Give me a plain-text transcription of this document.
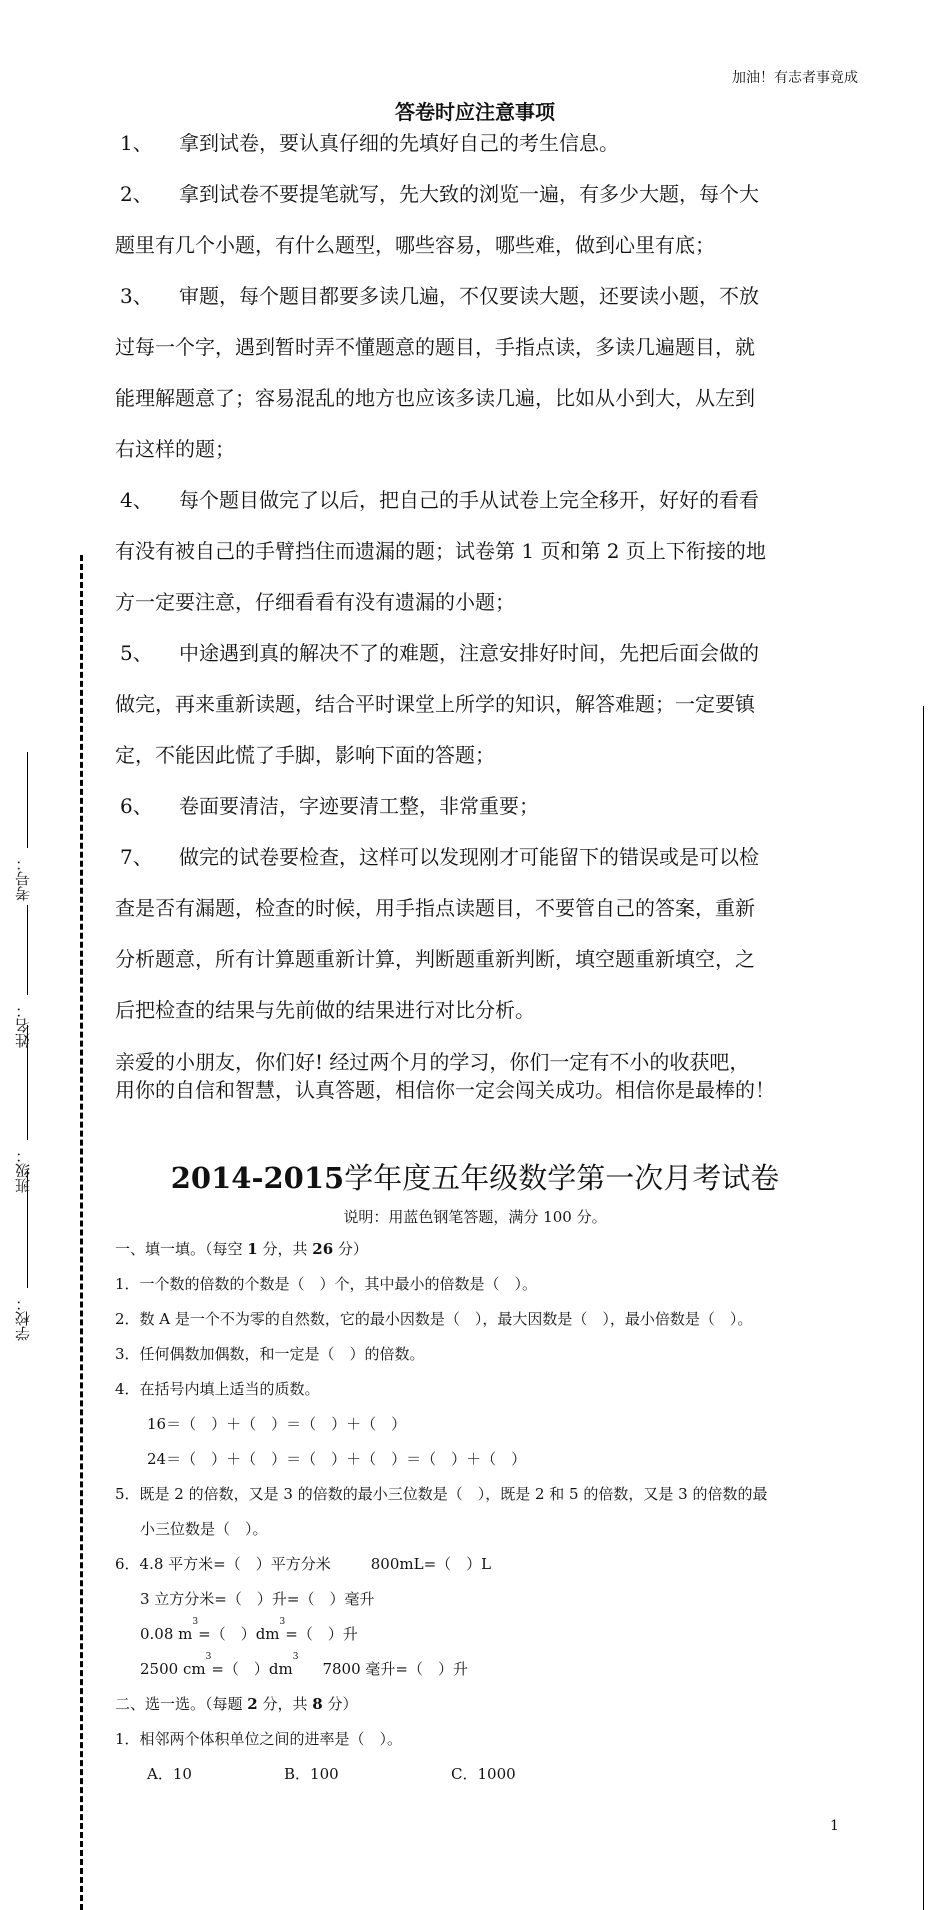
加油！有志者事竟成
答卷时应注意事项

1、 拿到试卷，要认真仔细的先填好自己的考生信息。

2、 拿到试卷不要提笔就写，先大致的浏览一遍，有多少大题，每个大

题里有几个小题，有什么题型，哪些容易，哪些难，做到心里有底；

3、 审题，每个题目都要多读几遍，不仅要读大题，还要读小题，不放

过每一个字，遇到暂时弄不懂题意的题目，手指点读，多读几遍题目，就

能理解题意了；容易混乱的地方也应该多读几遍，比如从小到大，从左到

右这样的题；

4、 每个题目做完了以后，把自己的手从试卷上完全移开，好好的看看

有没有被自己的手臂挡住而遗漏的题；试卷第 1 页和第 2 页上下衔接的地

方一定要注意，仔细看看有没有遗漏的小题；

5、 中途遇到真的解决不了的难题，注意安排好时间，先把后面会做的

做完，再来重新读题，结合平时课堂上所学的知识，解答难题；一定要镇

定，不能因此慌了手脚，影响下面的答题；

6、 卷面要清洁，字迹要清工整，非常重要；

7、 做完的试卷要检查，这样可以发现刚才可能留下的错误或是可以检

查是否有漏题，检查的时候，用手指点读题目，不要管自己的答案，重新

分析题意，所有计算题重新计算，判断题重新判断，填空题重新填空，之

后把检查的结果与先前做的结果进行对比分析。

亲爱的小朋友，你们好! 经过两个月的学习，你们一定有不小的收获吧，

用你的自信和智慧，认真答题，相信你一定会闯关成功。相信你是最棒的！

2014-2015学年度五年级数学第一次月考试卷
说明：用蓝色钢笔答题，满分 100 分。
一、填一填。（每空 1 分，共 26 分）
1．一个数的倍数的个数是（　）个，其中最小的倍数是（　）。
2．数 A 是一个不为零的自然数，它的最小因数是（　），最大因数是（　），最小倍数是（　）。
3．任何偶数加偶数，和一定是（　）的倍数。
4．在括号内填上适当的质数。
16＝（　）＋（　）＝（　）＋（　）
24＝（　）＋（　）＝（　）＋（　）＝（　）＋（　）
5．既是 2 的倍数，又是 3 的倍数的最小三位数是（　），既是 2 和 5 的倍数，又是 3 的倍数的最
小三位数是（　）。
6．4.8 平方米=（　）平方分米	800mL=（　）L
3 立方分米=（　）升=（　）毫升
0.08 $m^3=$（　）$dm^3=$（　）升
2500 $cm^3=$（　）$dm^37800$ 毫升=（　）升
二、选一选。（每题 2 分，共 8 分）
1．相邻两个体积单位之间的进率是（　）。
A．10	B．100	C．1000
1
学校：
班级：
姓名：
考号：
